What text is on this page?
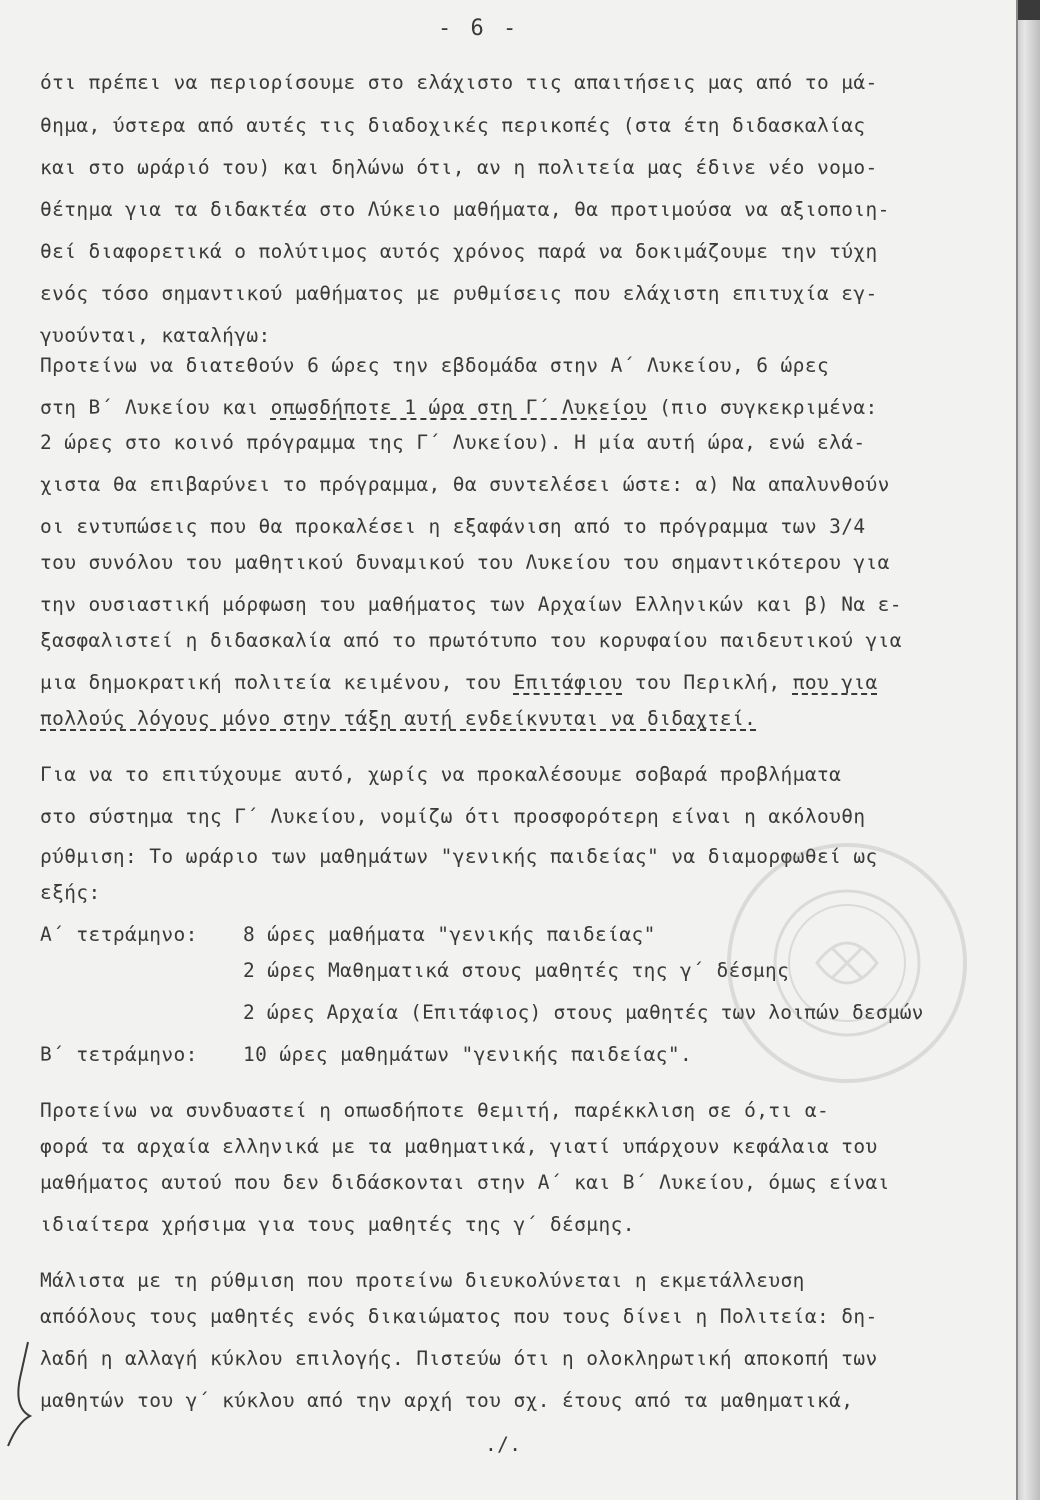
- 6 -
ότι πρέπει να περιορίσουμε στο ελάχιστο τις απαιτήσεις μας από το μά-
θημα, ύστερα από αυτές τις διαδοχικές περικοπές (στα έτη διδασκαλίας
και στο ωράριό του) και δηλώνω ότι, αν η πολιτεία μας έδινε νέο νομο-
θέτημα για τα διδακτέα στο Λύκειο μαθήματα, θα προτιμούσα να αξιοποιη-
θεί διαφορετικά ο πολύτιμος αυτός χρόνος παρά να δοκιμάζουμε την τύχη
ενός τόσο σημαντικού μαθήματος με ρυθμίσεις που ελάχιστη επιτυχία εγ-
γυούνται, καταλήγω:
Προτείνω να διατεθούν 6 ώρες την εβδομάδα στην Α΄ Λυκείου, 6 ώρες
στη Β΄ Λυκείου και οπωσδήποτε 1 ώρα στη Γ΄ Λυκείου (πιο συγκεκριμένα:
2 ώρες στο κοινό πρόγραμμα της Γ΄ Λυκείου). Η μία αυτή ώρα, ενώ ελά-
χιστα θα επιβαρύνει το πρόγραμμα, θα συντελέσει ώστε: α) Να απαλυνθούν
οι εντυπώσεις που θα προκαλέσει η εξαφάνιση από το πρόγραμμα των 3/4
του συνόλου του μαθητικού δυναμικού του Λυκείου του σημαντικότερου για
την ουσιαστική μόρφωση του μαθήματος των Αρχαίων Ελληνικών και β) Να ε-
ξασφαλιστεί η διδασκαλία από το πρωτότυπο του κορυφαίου παιδευτικού για
μια δημοκρατική πολιτεία κειμένου, του Επιτάφιου του Περικλή, που για
πολλούς λόγους μόνο στην τάξη αυτή ενδείκνυται να διδαχτεί.
Για να το επιτύχουμε αυτό, χωρίς να προκαλέσουμε σοβαρά προβλήματα
στο σύστημα της Γ΄ Λυκείου, νομίζω ότι προσφορότερη είναι η ακόλουθη
ρύθμιση: Το ωράριο των μαθημάτων "γενικής παιδείας" να διαμορφωθεί ως
εξής:
Α΄ τετράμηνο: 8 ώρες μαθήματα "γενικής παιδείας"
2 ώρες Μαθηματικά στους μαθητές της γ΄ δέσμης
2 ώρες Αρχαία (Επιτάφιος) στους μαθητές των λοιπών δεσμών
Β΄ τετράμηνο: 10 ώρες μαθημάτων "γενικής παιδείας".
Προτείνω να συνδυαστεί η οπωσδήποτε θεμιτή, παρέκκλιση σε ό,τι α-
φορά τα αρχαία ελληνικά με τα μαθηματικά, γιατί υπάρχουν κεφάλαια του
μαθήματος αυτού που δεν διδάσκονται στην Α΄ και Β΄ Λυκείου, όμως είναι
ιδιαίτερα χρήσιμα για τους μαθητές της γ΄ δέσμης.
Μάλιστα με τη ρύθμιση που προτείνω διευκολύνεται η εκμετάλλευση
απόόλους τους μαθητές ενός δικαιώματος που τους δίνει η Πολιτεία: δη-
λαδή η αλλαγή κύκλου επιλογής. Πιστεύω ότι η ολοκληρωτική αποκοπή των
μαθητών του γ΄ κύκλου από την αρχή του σχ. έτους από τα μαθηματικά,
./.
